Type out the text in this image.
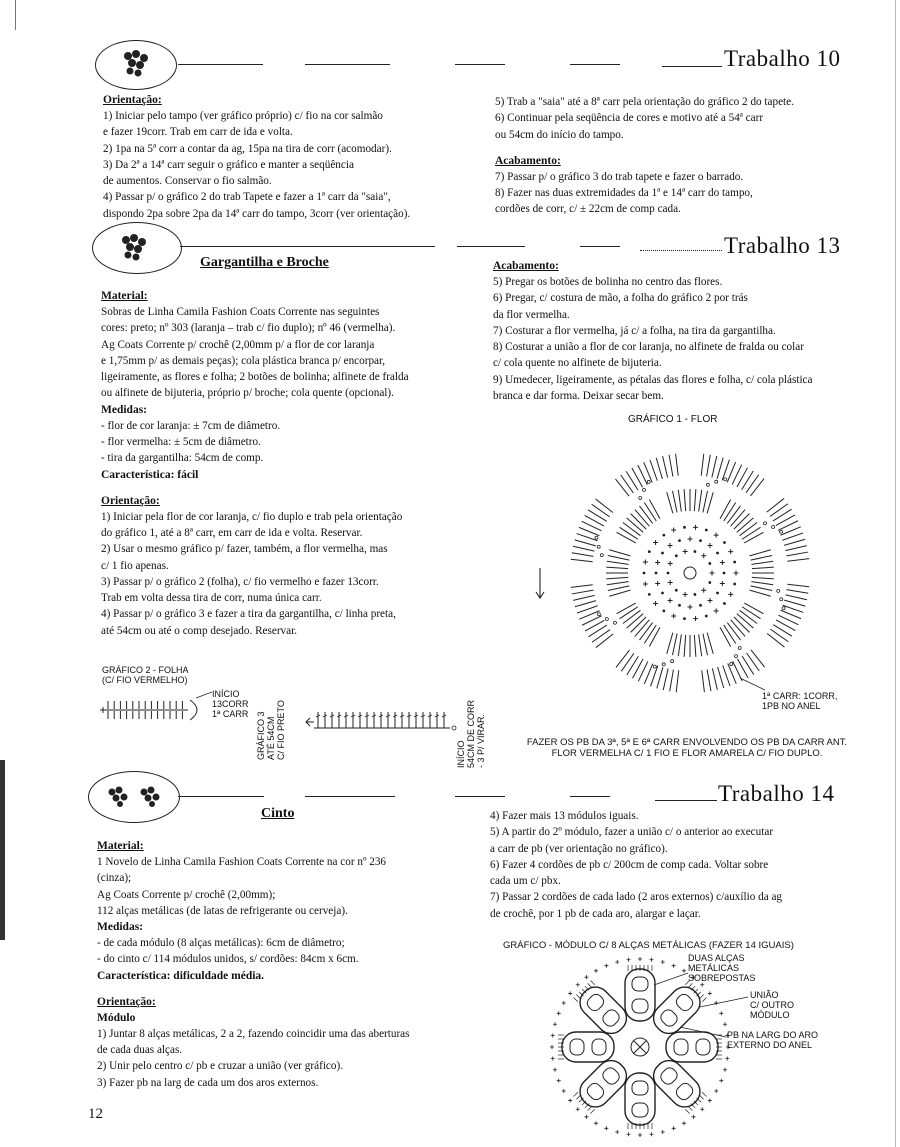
Trabalho 10
Orientação:
1) Iniciar pelo tampo (ver gráfico próprio) c/ fio na cor salmão
e fazer 19corr. Trab em carr de ida e volta.
2) 1pa na 5ª corr a contar da ag, 15pa na tira de corr (acomodar).
3) Da 2ª a 14ª carr seguir o gráfico e manter a seqüência
de aumentos. Conservar o fio salmão.
4) Passar p/ o gráfico 2 do trab Tapete e fazer a 1ª carr da "saia",
dispondo 2pa sobre 2pa da 14ª carr do tampo, 3corr (ver orientação).
5) Trab a "saia" até a 8ª carr pela orientação do gráfico 2 do tapete.
6) Continuar pela seqüência de cores e motivo até a 54ª carr
ou 54cm do início do tampo.
Acabamento:
7) Passar p/ o gráfico 3 do trab tapete e fazer o barrado.
8) Fazer nas duas extremidades da 1ª e 14ª carr do tampo,
cordões de corr, c/ ± 22cm de comp cada.
Trabalho 13
Gargantilha e Broche
Material:
Sobras de Linha Camila Fashion Coats Corrente nas seguintes
cores: preto; nº 303 (laranja – trab c/ fio duplo); nº 46 (vermelha).
Ag Coats Corrente p/ crochê (2,00mm p/ a flor de cor laranja
e 1,75mm p/ as demais peças); cola plástica branca p/ encorpar,
ligeiramente, as flores e folha; 2 botões de bolinha; alfinete de fralda
ou alfinete de bijuteria, próprio p/ broche; cola quente (opcional).
Medidas:
- flor de cor laranja: ± 7cm de diâmetro.
- flor vermelha: ± 5cm de diâmetro.
- tira da gargantilha: 54cm de comp.
Característica: fácil
Orientação:
1) Iniciar pela flor de cor laranja, c/ fio duplo e trab pela orientação
do gráfico 1, até a 8ª carr, em carr de ida e volta. Reservar.
2) Usar o mesmo gráfico p/ fazer, também, a flor vermelha, mas
c/ 1 fio apenas.
3) Passar p/ o gráfico 2 (folha), c/ fio vermelho e fazer 13corr.
Trab em volta dessa tira de corr, numa única carr.
4) Passar p/ o gráfico 3 e fazer a tira da gargantilha, c/ linha preta,
até 54cm ou até o comp desejado. Reservar.
Acabamento:
5) Pregar os botões de bolinha no centro das flores.
6) Pregar, c/ costura de mão, a folha do gráfico 2 por trás
da flor vermelha.
7) Costurar a flor vermelha, já c/ a folha, na tira da gargantilha.
8) Costurar a união a flor de cor laranja, no alfinete de fralda ou colar
c/ cola quente no alfinete de bijuteria.
9) Umedecer, ligeiramente, as pétalas das flores e folha, c/ cola plástica
branca e dar forma. Deixar secar bem.
GRÁFICO 1 - FLOR
1ª CARR: 1CORR,
1PB NO ANEL
FAZER OS PB DA 3ª, 5ª E 6ª CARR ENVOLVENDO OS PB DA CARR ANT.
FLOR VERMELHA C/ 1 FIO E FLOR AMARELA C/ FIO DUPLO.
GRÁFICO 2 - FOLHA
(C/ FIO VERMELHO)
INÍCIO
13CORR
1ª CARR GRÁFICO 3 ATÉ 54CM C/ FIO PRETO	INÍCIO 54CM DE CORR - 3 P/ VIRAR.
Trabalho 14
Cinto
Material:
1 Novelo de Linha Camila Fashion Coats Corrente na cor nº 236
(cinza);
Ag Coats Corrente p/ crochê (2,00mm);
112 alças metálicas (de latas de refrigerante ou cerveja).
Medidas:
- de cada módulo (8 alças metálicas): 6cm de diâmetro;
- do cinto c/ 114 módulos unidos, s/ cordões: 84cm x 6cm.
Característica: dificuldade média.
Orientação:
Módulo
1) Juntar 8 alças metálicas, 2 a 2, fazendo coincidir uma das aberturas
de cada duas alças.
2) Unir pelo centro c/ pb e cruzar a união (ver gráfico).
3) Fazer pb na larg de cada um dos aros externos.
4) Fazer mais 13 módulos iguais.
5) A partir do 2º módulo, fazer a união c/ o anterior ao executar
a carr de pb (ver orientação no gráfico).
6) Fazer 4 cordões de pb c/ 200cm de comp cada. Voltar sobre
cada um c/ pbx.
7) Passar 2 cordões de cada lado (2 aros externos) c/auxílio da ag
de crochê, por 1 pb de cada aro, alargar e laçar.
GRÁFICO - MÓDULO C/ 8 ALÇAS METÁLICAS (FAZER 14 IGUAIS)
DUAS ALÇAS
METÁLICAS
SOBREPOSTAS
UNIÃO
C/ OUTRO
MÓDULO
PB NA LARG DO ARO
EXTERNO DO ANEL
12
